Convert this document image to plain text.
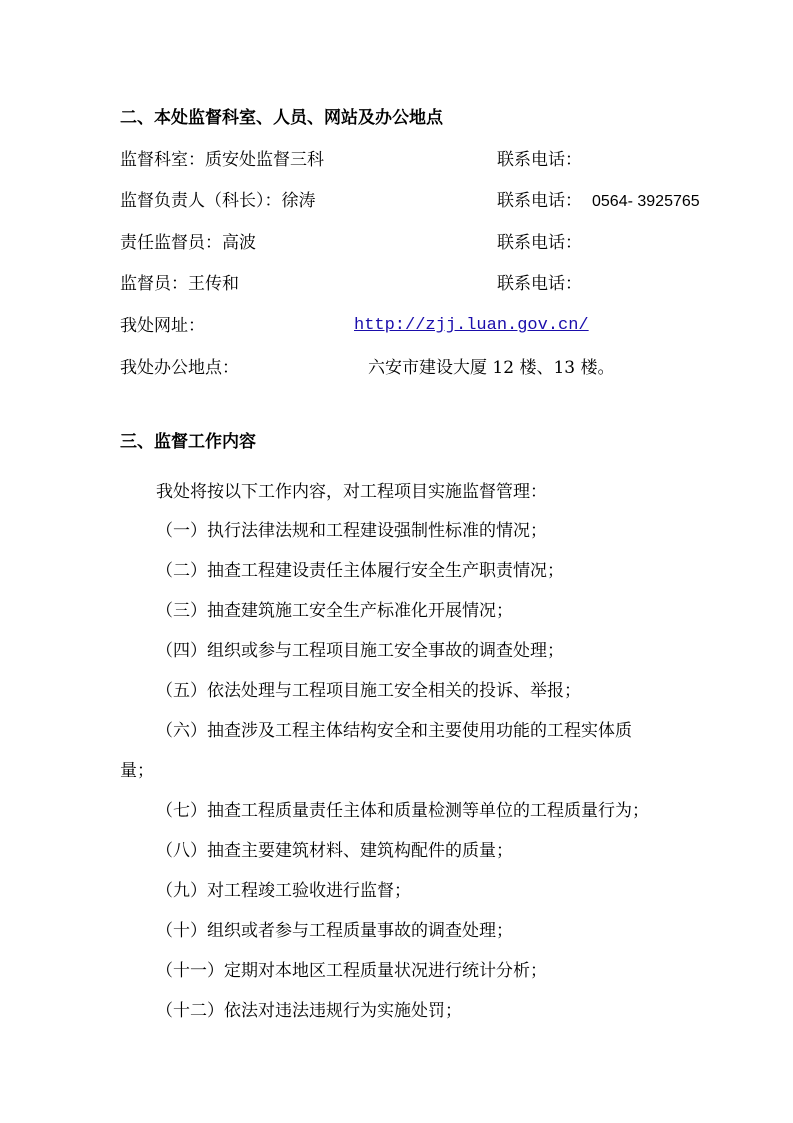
二、本处监督科室、人员、网站及办公地点
监督科室：质安处监督三科	联系电话：
监督负责人（科长）：徐涛	联系电话： 0564- 3925765
责任监督员：高波	联系电话：
监督员：王传和	联系电话：
我处网址：	http://zjj.luan.gov.cn/
我处办公地点：	六安市建设大厦 12 楼、13 楼。
三、监督工作内容
我处将按以下工作内容，对工程项目实施监督管理：
（一）执行法律法规和工程建设强制性标准的情况；
（二）抽查工程建设责任主体履行安全生产职责情况；
（三）抽查建筑施工安全生产标准化开展情况；
（四）组织或参与工程项目施工安全事故的调查处理；
（五）依法处理与工程项目施工安全相关的投诉、举报；
（六）抽查涉及工程主体结构安全和主要使用功能的工程实体质
量；
（七）抽查工程质量责任主体和质量检测等单位的工程质量行为；
（八）抽查主要建筑材料、建筑构配件的质量；
（九）对工程竣工验收进行监督；
（十）组织或者参与工程质量事故的调查处理；
（十一）定期对本地区工程质量状况进行统计分析；
（十二）依法对违法违规行为实施处罚；
